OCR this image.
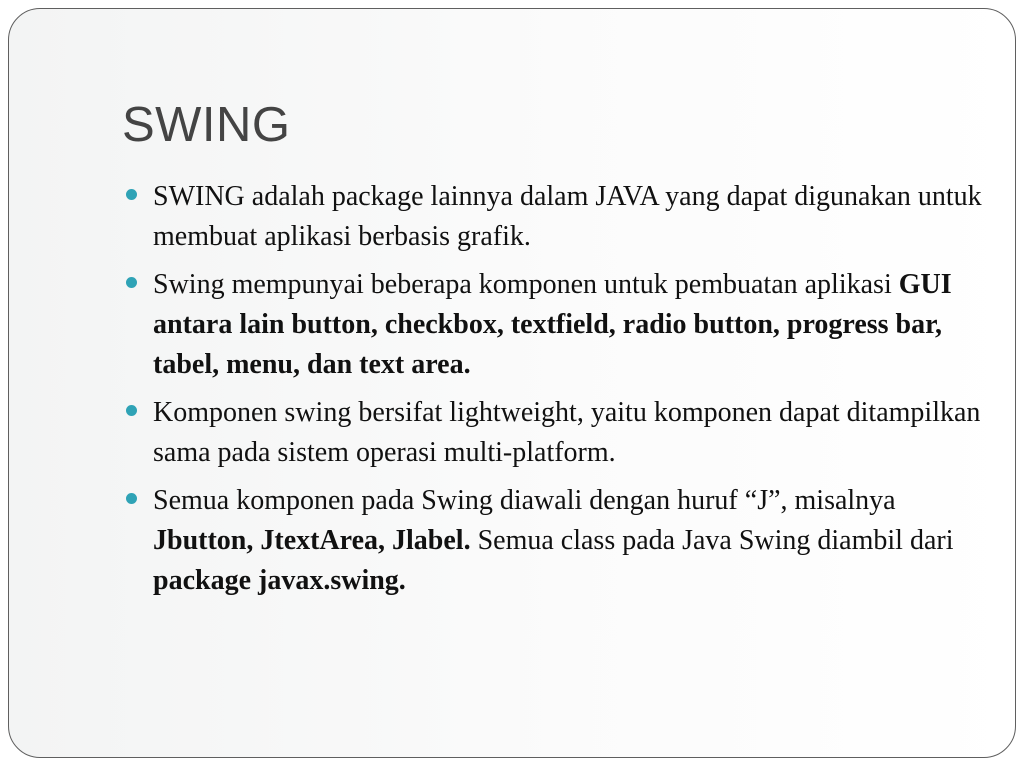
SWING
SWING adalah package lainnya dalam JAVA yang dapat digunakan untuk membuat aplikasi berbasis grafik.
Swing mempunyai beberapa komponen untuk pembuatan aplikasi GUI antara lain button, checkbox, textfield, radio button, progress bar, tabel, menu, dan text area.
Komponen swing bersifat lightweight, yaitu komponen dapat ditampilkan sama pada sistem operasi multi-platform.
Semua komponen pada Swing diawali dengan huruf “J”, misalnya Jbutton, JtextArea, Jlabel. Semua class pada Java Swing diambil dari package javax.swing.
